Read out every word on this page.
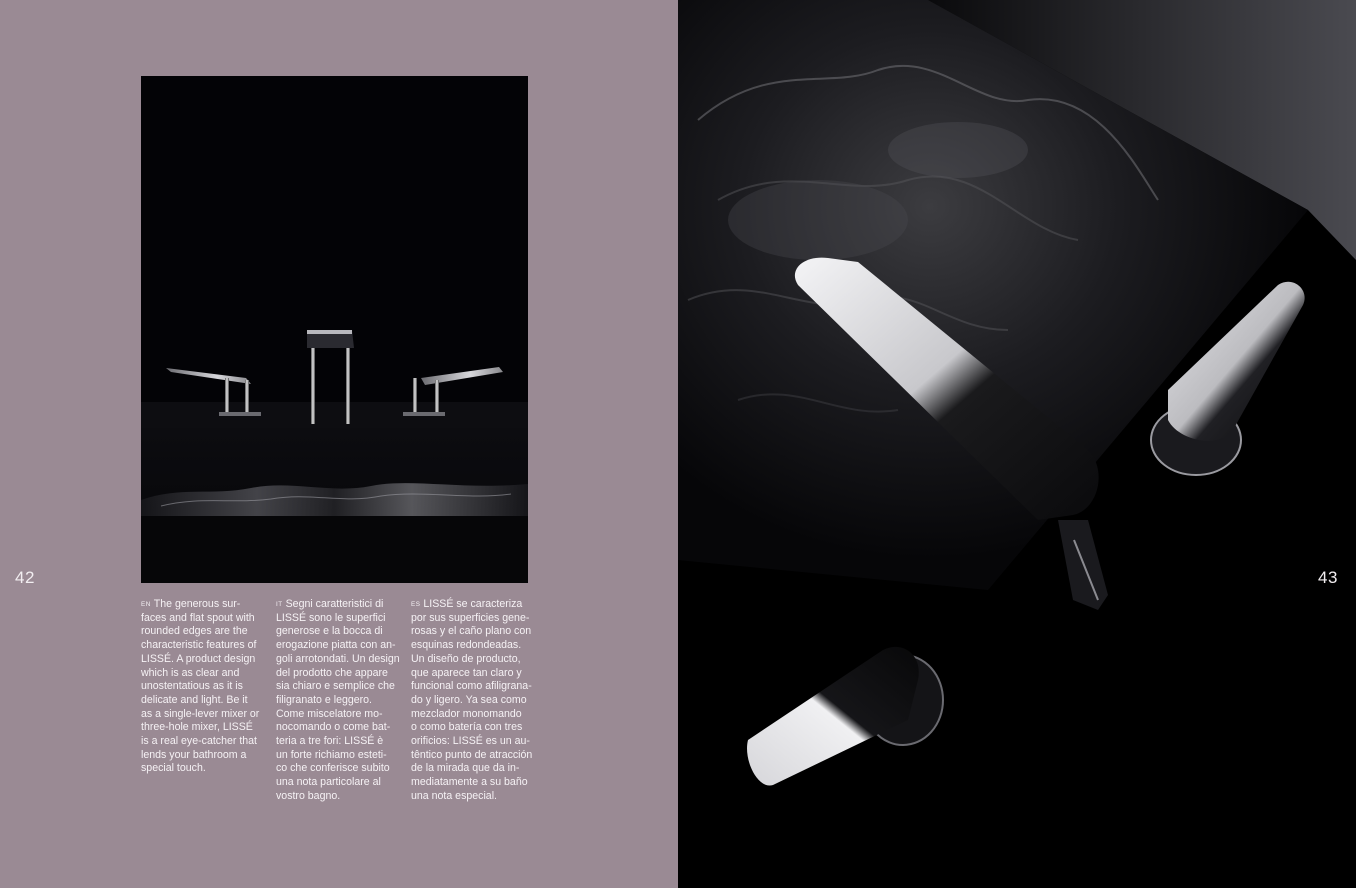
42
EN The generous sur-
faces and flat spout with
rounded edges are the
characteristic features of
LISSÉ. A product design
which is as clear and
unostentatious as it is
delicate and light. Be it
as a single-lever mixer or
three-hole mixer, LISSÉ
is a real eye-catcher that
lends your bathroom a
special touch.
IT Segni caratteristici di
LISSÉ sono le superfici
generose e la bocca di
erogazione piatta con an-
goli arrotondati. Un design
del prodotto che appare
sia chiaro e semplice che
filigranato e leggero.
Come miscelatore mo-
nocomando o come bat-
teria a tre fori: LISSÉ è
un forte richiamo esteti-
co che conferisce subito
una nota particolare al
vostro bagno.
ES LISSÉ se caracteriza
por sus superficies gene-
rosas y el caño plano con
esquinas redondeadas.
Un diseño de producto,
que aparece tan claro y
funcional como afiligrana-
do y ligero. Ya sea como
mezclador monomando
o como batería con tres
orificios: LISSÉ es un au-
têntico punto de atracción
de la mirada que da in-
mediatamente a su baño
una nota especial.
43
